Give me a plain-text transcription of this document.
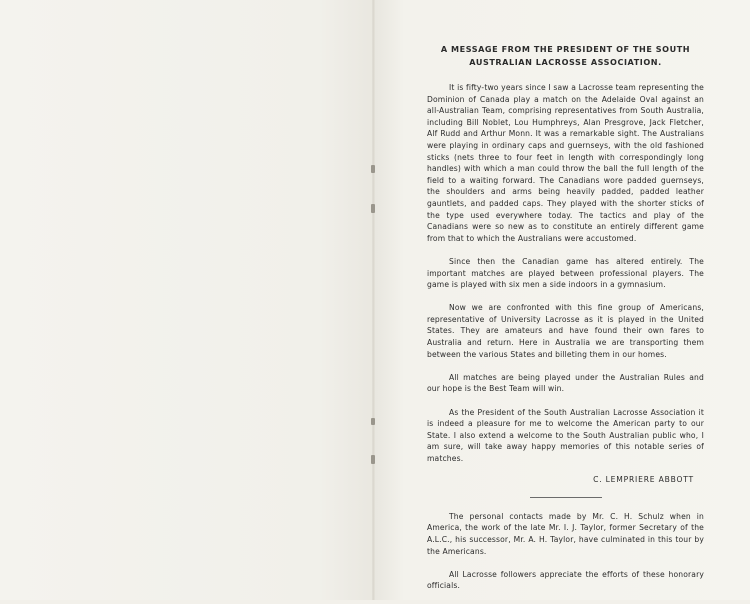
A MESSAGE FROM THE PRESIDENT OF THE SOUTH AUSTRALIAN LACROSSE ASSOCIATION.

It is fifty-two years since I saw a Lacrosse team representing the Dominion of Canada play a match on the Adelaide Oval against an all-Australian Team, comprising representatives from South Australia, including Bill Noblet, Lou Humphreys, Alan Presgrove, Jack Fletcher, Alf Rudd and Arthur Monn. It was a remarkable sight. The Australians were playing in ordinary caps and guernseys, with the old fashioned sticks (nets three to four feet in length with correspondingly long handles) with which a man could throw the ball the full length of the field to a waiting forward. The Canadians wore padded guernseys, the shoulders and arms being heavily padded, padded leather gauntlets, and padded caps. They played with the shorter sticks of the type used everywhere today. The tactics and play of the Canadians were so new as to constitute an entirely different game from that to which the Australians were accustomed.

Since then the Canadian game has altered entirely. The important matches are played between professional players. The game is played with six men a side indoors in a gymnasium.

Now we are confronted with this fine group of Americans, representative of University Lacrosse as it is played in the United States. They are amateurs and have found their own fares to Australia and return. Here in Australia we are transporting them between the various States and billeting them in our homes.

All matches are being played under the Australian Rules and our hope is the Best Team will win.

As the President of the South Australian Lacrosse Association it is indeed a pleasure for me to welcome the American party to our State. I also extend a welcome to the South Australian public who, I am sure, will take away happy memories of this notable series of matches.

C. LEMPRIERE ABBOTT

The personal contacts made by Mr. C. H. Schulz when in America, the work of the late Mr. I. J. Taylor, former Secretary of the A.L.C., his successor, Mr. A. H. Taylor, have culminated in this tour by the Americans.

All Lacrosse followers appreciate the efforts of these honorary officials.
